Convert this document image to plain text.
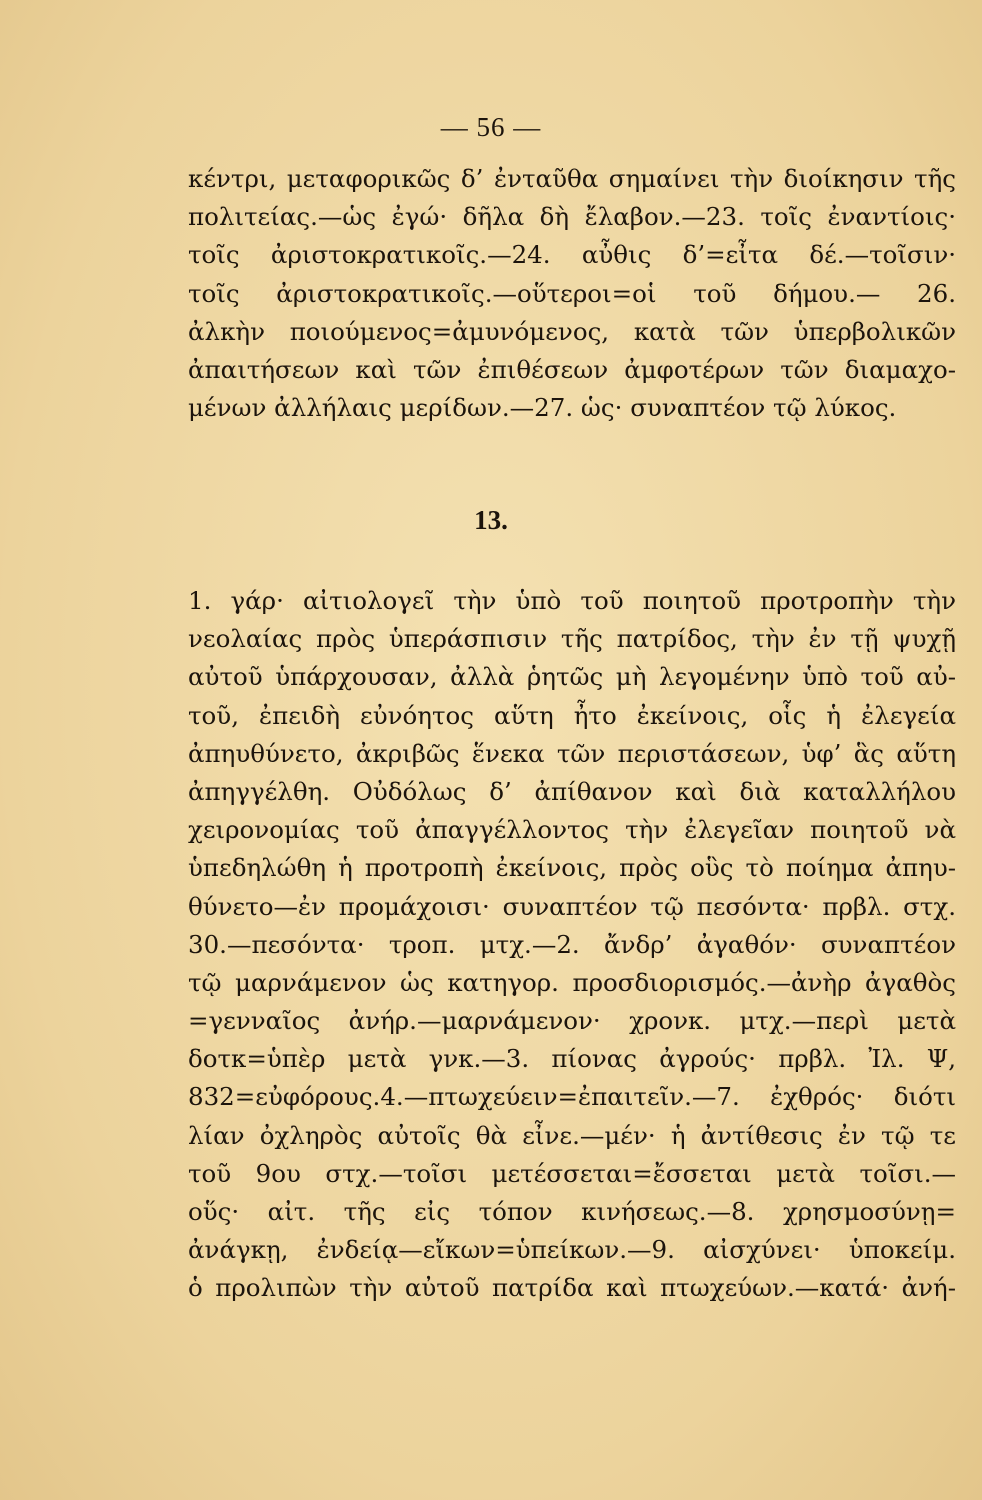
— 56 —
κέντρι, μεταφορικῶς δ’ ἐνταῦθα σημαίνει τὴν διοίκησιν τῆς
πολιτείας.—ὡς ἐγώ· δῆλα δὴ ἔλαβον.—23. τοῖς ἐναντίοις·
τοῖς ἀριστοκρατικοῖς.—24. αὖθις δ’=εἶτα δέ.—τοῖσιν·
τοῖς ἀριστοκρατικοῖς.—οὕτεροι=οἱ τοῦ δήμου.— 26.
ἀλκὴν ποιούμενος=ἀμυνόμενος, κατὰ τῶν ὑπερβολικῶν
ἀπαιτήσεων καὶ τῶν ἐπιθέσεων ἀμφοτέρων τῶν διαμαχο-
μένων ἀλλήλαις μερίδων.—27. ὡς· συναπτέον τῷ λύκος.
13.
1. γάρ· αἰτιολογεῖ τὴν ὑπὸ τοῦ ποιητοῦ προτροπὴν τὴν
νεολαίας πρὸς ὑπεράσπισιν τῆς πατρίδος, τὴν ἐν τῇ ψυχῇ
αὐτοῦ ὑπάρχουσαν, ἀλλὰ ῥητῶς μὴ λεγομένην ὑπὸ τοῦ αὐ-
τοῦ, ἐπειδὴ εὐνόητος αὕτη ἦτο ἐκείνοις, οἷς ἡ ἐλεγεία
ἀπηυθύνετο, ἀκριβῶς ἕνεκα τῶν περιστάσεων, ὑφ’ ἃς αὕτη
ἀπηγγέλθη. Οὐδόλως δ’ ἀπίθανον καὶ διὰ καταλλήλου
χειρονομίας τοῦ ἀπαγγέλλοντος τὴν ἐλεγεῖαν ποιητοῦ νὰ
ὑπεδηλώθη ἡ προτροπὴ ἐκείνοις, πρὸς οὓς τὸ ποίημα ἀπηυ-
θύνετο—ἐν προμάχοισι· συναπτέον τῷ πεσόντα· πρβλ. στχ.
30.—πεσόντα· τροπ. μτχ.—2. ἄνδρ’ ἀγαθόν· συναπτέον
τῷ μαρνάμενον ὡς κατηγορ. προσδιορισμός.—ἀνὴρ ἀγαθὸς
=γενναῖος ἀνήρ.—μαρνάμενον· χρονκ. μτχ.—περὶ μετὰ
δοτκ=ὑπὲρ μετὰ γνκ.—3. πίονας ἀγρούς· πρβλ. Ἰλ. Ψ,
832=εὐφόρους.4.—πτωχεύειν=ἐπαιτεῖν.—7. ἐχθρός· διότι
λίαν ὀχληρὸς αὐτοῖς θὰ εἶνε.—μέν· ἡ ἀντίθεσις ἐν τῷ τε
τοῦ 9ου στχ.—τοῖσι μετέσσεται=ἔσσεται μετὰ τοῖσι.—
οὕς· αἰτ. τῆς εἰς τόπον κινήσεως.—8. χρησμοσύνῃ=
ἀνάγκῃ, ἐνδείᾳ—εἴκων=ὑπείκων.—9. αἰσχύνει· ὑποκείμ.
ὁ προλιπὼν τὴν αὐτοῦ πατρίδα καὶ πτωχεύων.—κατά· ἀνή-
